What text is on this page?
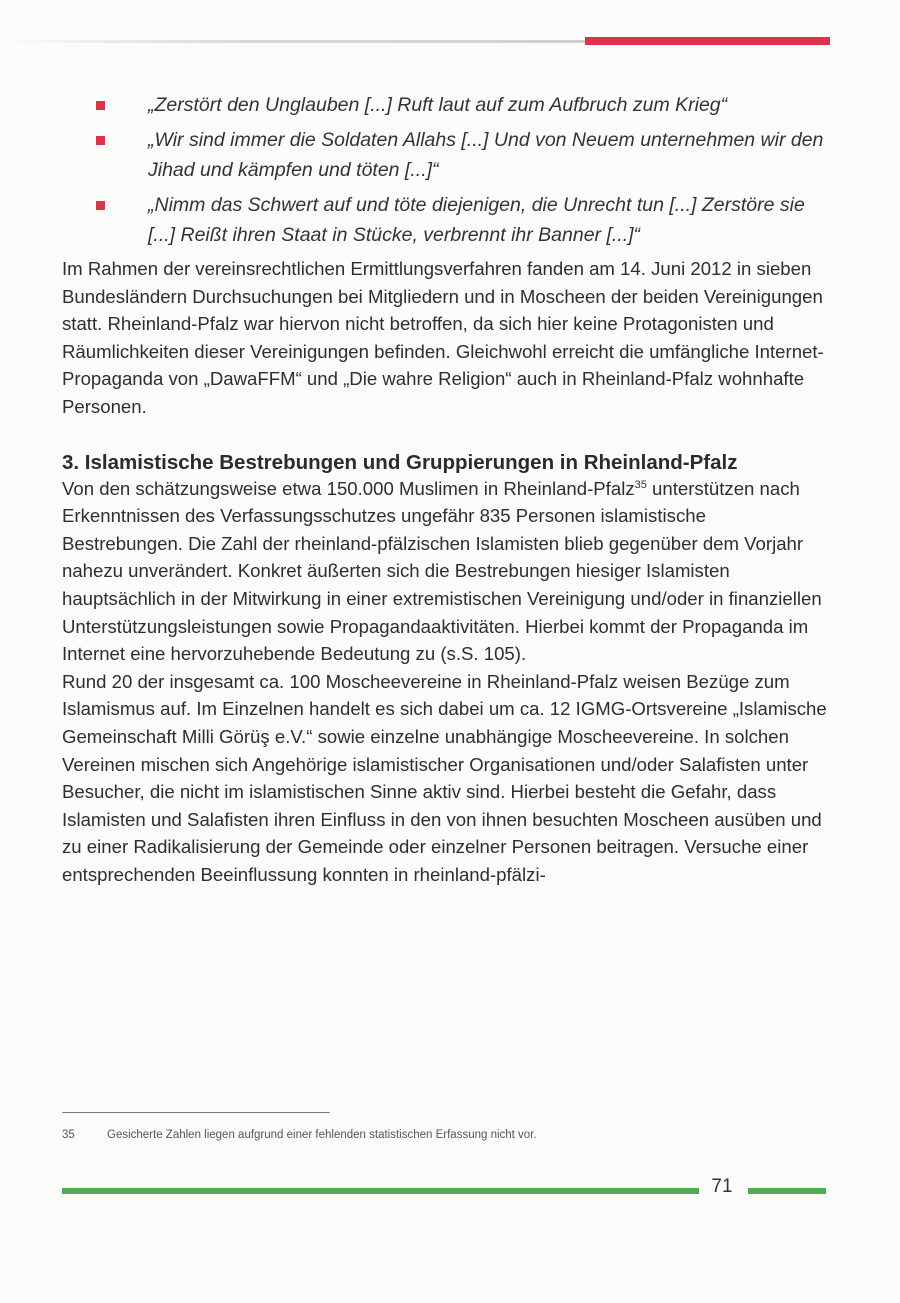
„Zerstört den Unglauben [...] Ruft laut auf zum Aufbruch zum Krieg“
„Wir sind immer die Soldaten Allahs [...] Und von Neuem unternehmen wir den Jihad und kämpfen und töten [...]“
„Nimm das Schwert auf und töte diejenigen, die Unrecht tun [...] Zerstöre sie [...] Reißt ihren Staat in Stücke, verbrennt ihr Banner [...]“

Im Rahmen der vereinsrechtlichen Ermittlungsverfahren fanden am 14. Juni 2012 in sieben Bundesländern Durchsuchungen bei Mitgliedern und in Moscheen der beiden Vereinigungen statt. Rheinland-Pfalz war hiervon nicht betroffen, da sich hier keine Protagonisten und Räumlichkeiten dieser Vereinigungen befinden. Gleichwohl erreicht die umfängliche Internet-Propaganda von „DawaFFM“ und „Die wahre Religion“ auch in Rheinland-Pfalz wohnhafte Personen.

3. Islamistische Bestrebungen und Gruppierungen in Rheinland-Pfalz

Von den schätzungsweise etwa 150.000 Muslimen in Rheinland-Pfalz$^{35}$ unterstützen nach Erkenntnissen des Verfassungsschutzes ungefähr 835 Personen islamistische Bestrebungen. Die Zahl der rheinland-pfälzischen Islamisten blieb gegenüber dem Vorjahr nahezu unverändert. Konkret äußerten sich die Bestrebungen hiesiger Islamisten hauptsächlich in der Mitwirkung in einer extremistischen Vereinigung und/oder in finanziellen Unterstützungsleistungen sowie Propagandaaktivitäten. Hierbei kommt der Propaganda im Internet eine hervorzuhebende Bedeutung zu (s.S. 105).

Rund 20 der insgesamt ca. 100 Moscheevereine in Rheinland-Pfalz weisen Bezüge zum Islamismus auf. Im Einzelnen handelt es sich dabei um ca. 12 IGMG-Ortsvereine „Islamische Gemeinschaft Milli Görüş e.V.“ sowie einzelne unabhängige Moscheevereine. In solchen Vereinen mischen sich Angehörige islamistischer Organisationen und/oder Salafisten unter Besucher, die nicht im islamistischen Sinne aktiv sind. Hierbei besteht die Gefahr, dass Islamisten und Salafisten ihren Einfluss in den von ihnen besuchten Moscheen ausüben und zu einer Radikalisierung der Gemeinde oder einzelner Personen beitragen. Versuche einer entsprechenden Beeinflussung konnten in rheinland-pfälzi-

35	Gesicherte Zahlen liegen aufgrund einer fehlenden statistischen Erfassung nicht vor.
71
